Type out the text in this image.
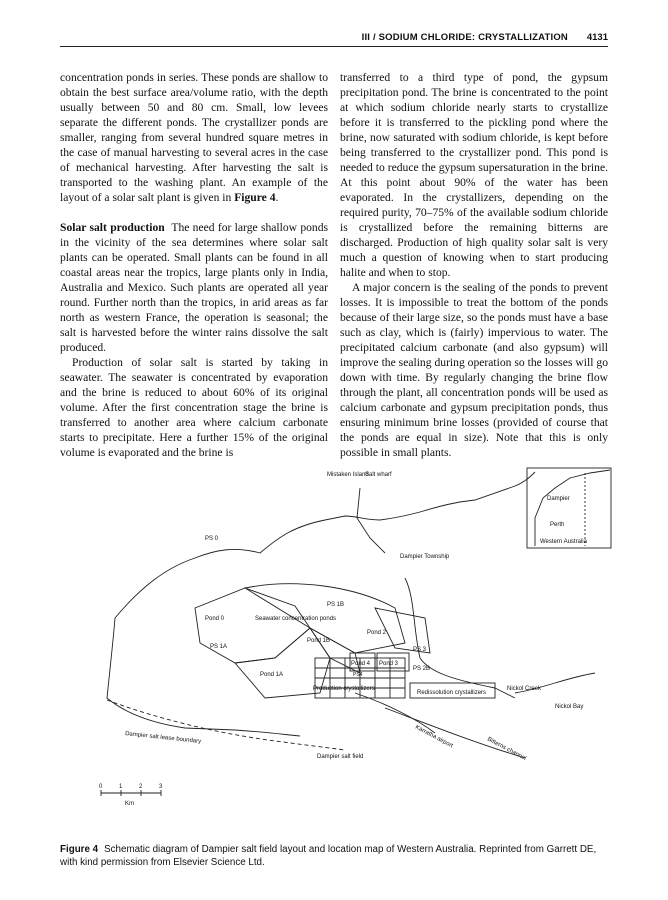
III / SODIUM CHLORIDE: CRYSTALLIZATION 4131

concentration ponds in series. These ponds are shallow to obtain the best surface area/volume ratio, with the depth usually between 50 and 80 cm. Small, low levees separate the different ponds. The crystallizer ponds are smaller, ranging from several hundred square metres in the case of manual harvesting to several acres in the case of mechanical harvesting. After harvesting the salt is transported to the washing plant. An example of the layout of a solar salt plant is given in Figure 4.

Solar salt production The need for large shallow ponds in the vicinity of the sea determines where solar salt plants can be operated. Small plants can be found in all coastal areas near the tropics, large plants only in India, Australia and Mexico. Such plants are operated all year round. Further north than the tropics, in arid areas as far north as western France, the operation is seasonal; the salt is harvested before the winter rains dissolve the salt produced.

Production of solar salt is started by taking in seawater. The seawater is concentrated by evaporation and the brine is reduced to about 60% of its original volume. After the first concentration stage the brine is transferred to another area where calcium carbonate starts to precipitate. Here a further 15% of the original volume is evaporated and the brine is

transferred to a third type of pond, the gypsum precipitation pond. The brine is concentrated to the point at which sodium chloride nearly starts to crystallize before it is transferred to the pickling pond where the brine, now saturated with sodium chloride, is kept before being transferred to the crystallizer pond. This pond is needed to reduce the gypsum supersaturation in the brine. At this point about 90% of the water has been evaporated. In the crystallizers, depending on the required purity, 70–75% of the available sodium chloride is crystallized before the remaining bitterns are discharged. Production of high quality solar salt is very much a question of knowing when to start producing halite and when to stop.

A major concern is the sealing of the ponds to prevent losses. It is impossible to treat the bottom of the ponds because of their large size, so the ponds must have a base such as clay, which is (fairly) impervious to water. The precipitated calcium carbonate (and also gypsum) will improve the sealing during operation so the losses will go down with time. By regularly changing the brine flow through the plant, all concentration ponds will be used as calcium carbonate and gypsum precipitation ponds, thus ensuring minimum brine losses (provided of course that the ponds are equal in size). Note that this is only possible in small plants.

Mistaken Island
Salt wharf
Dampier
Perth
Western Australia
PS 0
Dampier Township
Pond 0
PS 1B
Seawater concentration ponds
Pond 2
PS 1A
Pond 1B
PS 3
Pond 4 Pond 3
PS 2B
PS4
Pond 1A
Production crystallizers
Redissolution crystallizers
Nickol Creek
Nickol Bay
Dampier salt lease boundary	Karratha airport	Bitterns channel
Dampier salt field
0	1	2	3
Km
Figure 4 Schematic diagram of Dampier salt field layout and location map of Western Australia. Reprinted from Garrett DE, with kind permission from Elsevier Science Ltd.
